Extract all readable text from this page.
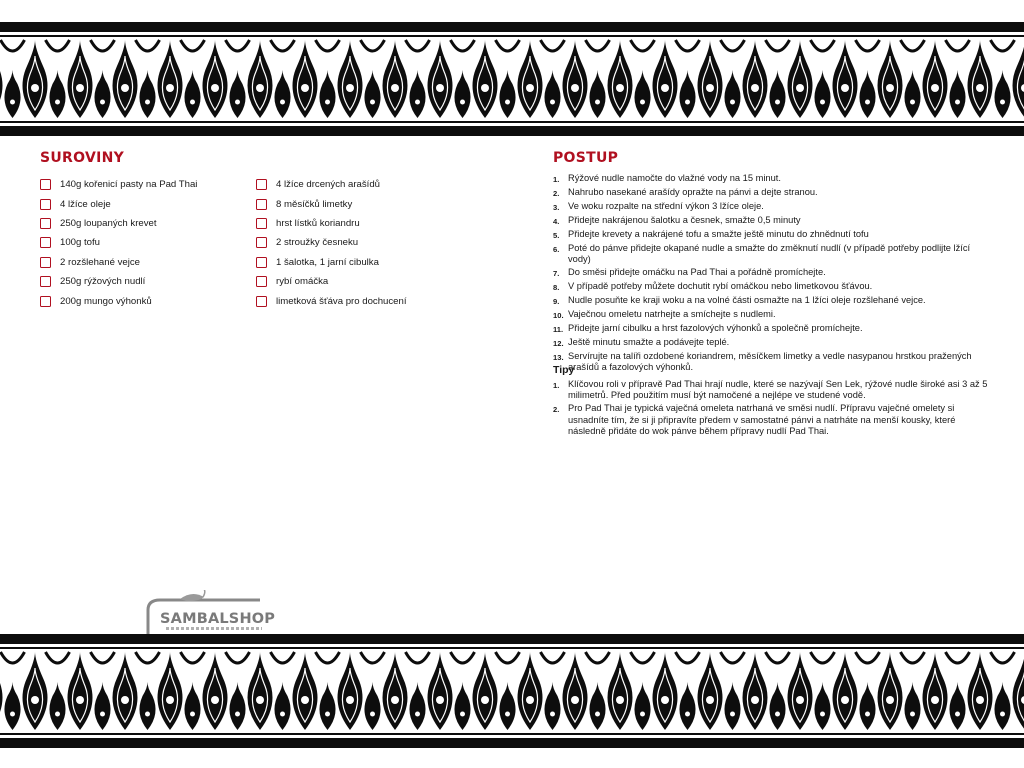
SUROVINY
140g kořenicí pasty na Pad Thai
4 lžíce oleje
250g loupaných krevet
100g tofu
2 rozšlehané vejce
250g rýžových nudlí
200g mungo výhonků
4 lžíce drcených arašídů
8 měsíčků limetky
hrst lístků koriandru
2 stroužky česneku
1 šalotka, 1 jarní cibulka
rybí omáčka
limetková šťáva pro dochucení
POSTUP
1. Rýžové nudle namočte do vlažné vody na 15 minut.
2. Nahrubo nasekané arašídy opražte na pánvi a dejte stranou.
3. Ve woku rozpalte na střední výkon 3 lžíce oleje.
4. Přidejte nakrájenou šalotku a česnek, smažte 0,5 minuty
5. Přidejte krevety a nakrájené tofu a smažte ještě minutu do zhnědnutí tofu
6. Poté do pánve přidejte okapané nudle a smažte do změknutí nudlí (v případě potřeby podlijte lžící vody)
7. Do směsi přidejte omáčku na Pad Thai a pořádně promíchejte.
8. V případě potřeby můžete dochutit rybí omáčkou nebo limetkovou šťávou.
9. Nudle posuňte ke kraji woku a na volné části osmažte na 1 lžíci oleje rozšlehané vejce.
10. Vaječnou omeletu natrhejte a smíchejte s nudlemi.
11. Přidejte jarní cibulku a hrst fazolových výhonků a společně promíchejte.
12. Ještě minutu smažte a podávejte teplé.
13. Servírujte na talíři ozdobené koriandrem, měsíčkem limetky a vedle nasypanou hrstkou pražených arašídů a fazolových výhonků.
Tipy
1. Klíčovou roli v přípravě Pad Thai hrají nudle, které se nazývají Sen Lek, rýžové nudle široké asi 3 až 5 milimetrů. Před použitím musí být namočené a nejlépe ve studené vodě.
2. Pro Pad Thai je typická vaječná omeleta natrhaná ve směsi nudlí. Přípravu vaječné omelety si usnadníte tím, že si ji připravíte předem v samostatné pánvi a natrháte na menší kousky, které následně přidáte do wok pánve během přípravy nudlí Pad Thai.
SAMBALSHOP
